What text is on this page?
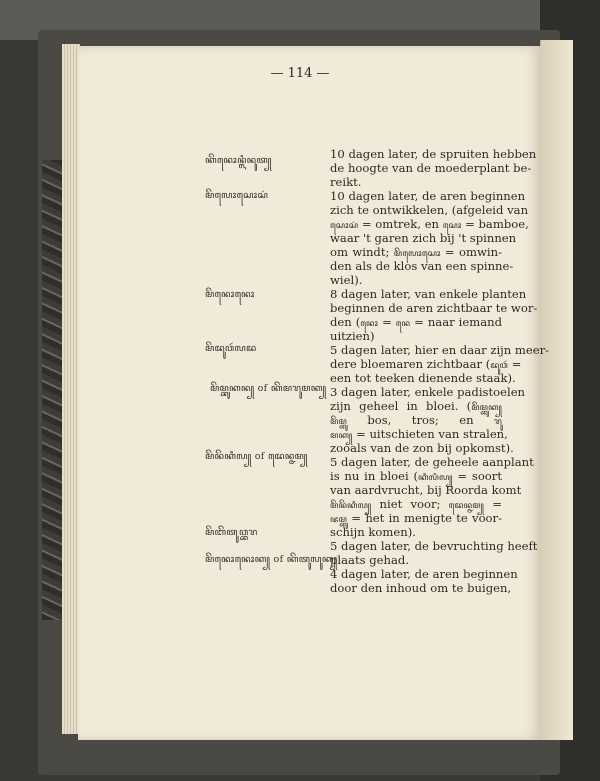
— 114 —
ꦏꦼꦤꦺꦴꦤ꧀ꦭꦶꦤꦸꦠ꧀
ꦩꦼꦭꦺꦴꦱꦺꦴꦱ꦳
ꦩꦼꦤꦺꦴꦤꦺꦴ
ꦩꦼꦢꦸꦮꦂꦭꦢ
ꦩꦼꦩ꧀ꦧꦸꦏꦤ꧀ of ꦏꦼꦩꦫꦸꦩꦏ꧀
ꦩꦼꦤꦼꦏꦶꦭ꧀ of ꦢꦺꦤ꧀ꦗꦩ꧀
ꦩꦼꦧꦼꦠꦸꦮ꧀ꦧꦫ
ꦩꦼꦤꦺꦴꦤꦺꦴꦏ꧀ of ꦏꦼꦠꦸꦭꦸꦏ꧀
10 dagen later, de spruiten hebben
de hoogte van de moederplant be-
reikt.
10 dagen later, de aren beginnen
zich te ontwikkelen, (afgeleid van
ꦱꦺꦴꦱ꦳ = omtrek, en ꦱꦺꦴ = bamboe,
waar 't garen zich bij 't spinnen
om windt; ꦩꦼꦭꦺꦴꦱꦺꦴ = omwin-
den als de klos van een spinne-
wiel).
8 dagen later, van enkele planten
beginnen de aren zichtbaar te wor-
den (ꦤꦺꦴ = ꦤꦺ = naar iemand
uitzien)
5 dagen later, hier en daar zijn meer-
dere bloemaren zichtbaar (ꦢꦸꦮꦂ =
een tot teeken dienende staak).
3 dagen later, enkele padistoelen
zijn geheel in bloei. (ꦩꦼꦩ꧀ꦧꦸꦏ꧀
ꦩꦼꦩ꧀ꦧꦸ bos, tros; en ꦫꦸ
ꦩꦏ꧀ = uitschieten van stralen,
zooals van de zon bij opkomst).
5 dagen later, de geheele aanplant
is nu in bloei (ꦏꦶꦭꦶꦭ꧀ = soort
van aardvrucht, bij Roorda komt
ꦩꦼꦤꦼꦏꦶꦭ꧀ niet voor; ꦢꦺꦤ꧀ꦗꦩ꧀ =
ꦗꦩ꧀ꦧꦸ = het in menigte te voor-
schijn komen).
5 dagen later, de bevruchting heeft
plaats gehad.
4 dagen later, de aren beginnen
door den inhoud om te buigen,
